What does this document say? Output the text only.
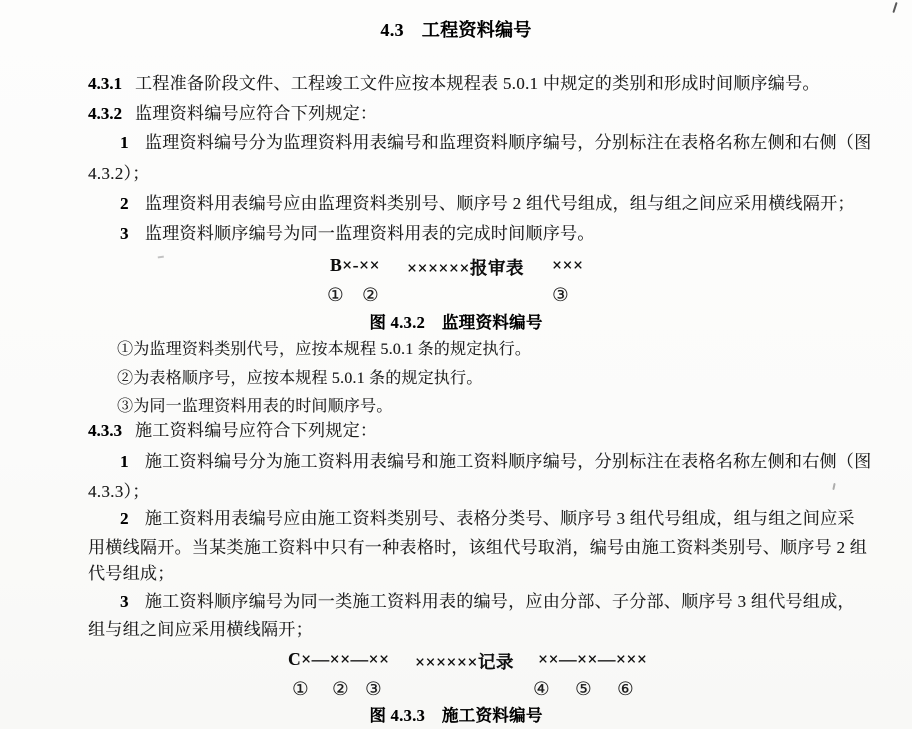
4.3 工程资料编号
4.3.1 工程准备阶段文件、工程竣工文件应按本规程表 5.0.1 中规定的类别和形成时间顺序编号。
4.3.2 监理资料编号应符合下列规定：
1 监理资料编号分为监理资料用表编号和监理资料顺序编号，分别标注在表格名称左侧和右侧（图
4.3.2）；
2 监理资料用表编号应由监理资料类别号、顺序号 2 组代号组成，组与组之间应采用横线隔开；
3 监理资料顺序编号为同一监理资料用表的完成时间顺序号。
B×-×× ××××××报审表 ×××
① ②	③
图 4.3.2　监理资料编号
①为监理资料类别代号，应按本规程 5.0.1 条的规定执行。
②为表格顺序号，应按本规程 5.0.1 条的规定执行。
③为同一监理资料用表的时间顺序号。
4.3.3 施工资料编号应符合下列规定：
1 施工资料编号分为施工资料用表编号和施工资料顺序编号，分别标注在表格名称左侧和右侧（图
4.3.3）；
2 施工资料用表编号应由施工资料类别号、表格分类号、顺序号 3 组代号组成，组与组之间应采
用横线隔开。当某类施工资料中只有一种表格时，该组代号取消，编号由施工资料类别号、顺序号 2 组
代号组成；
3 施工资料顺序编号为同一类施工资料用表的编号，应由分部、子分部、顺序号 3 组代号组成，
组与组之间应采用横线隔开；
C×—××—×× ××××××记录 ××—××—×××
① ② ③	④ ⑤ ⑥
图 4.3.3　施工资料编号
